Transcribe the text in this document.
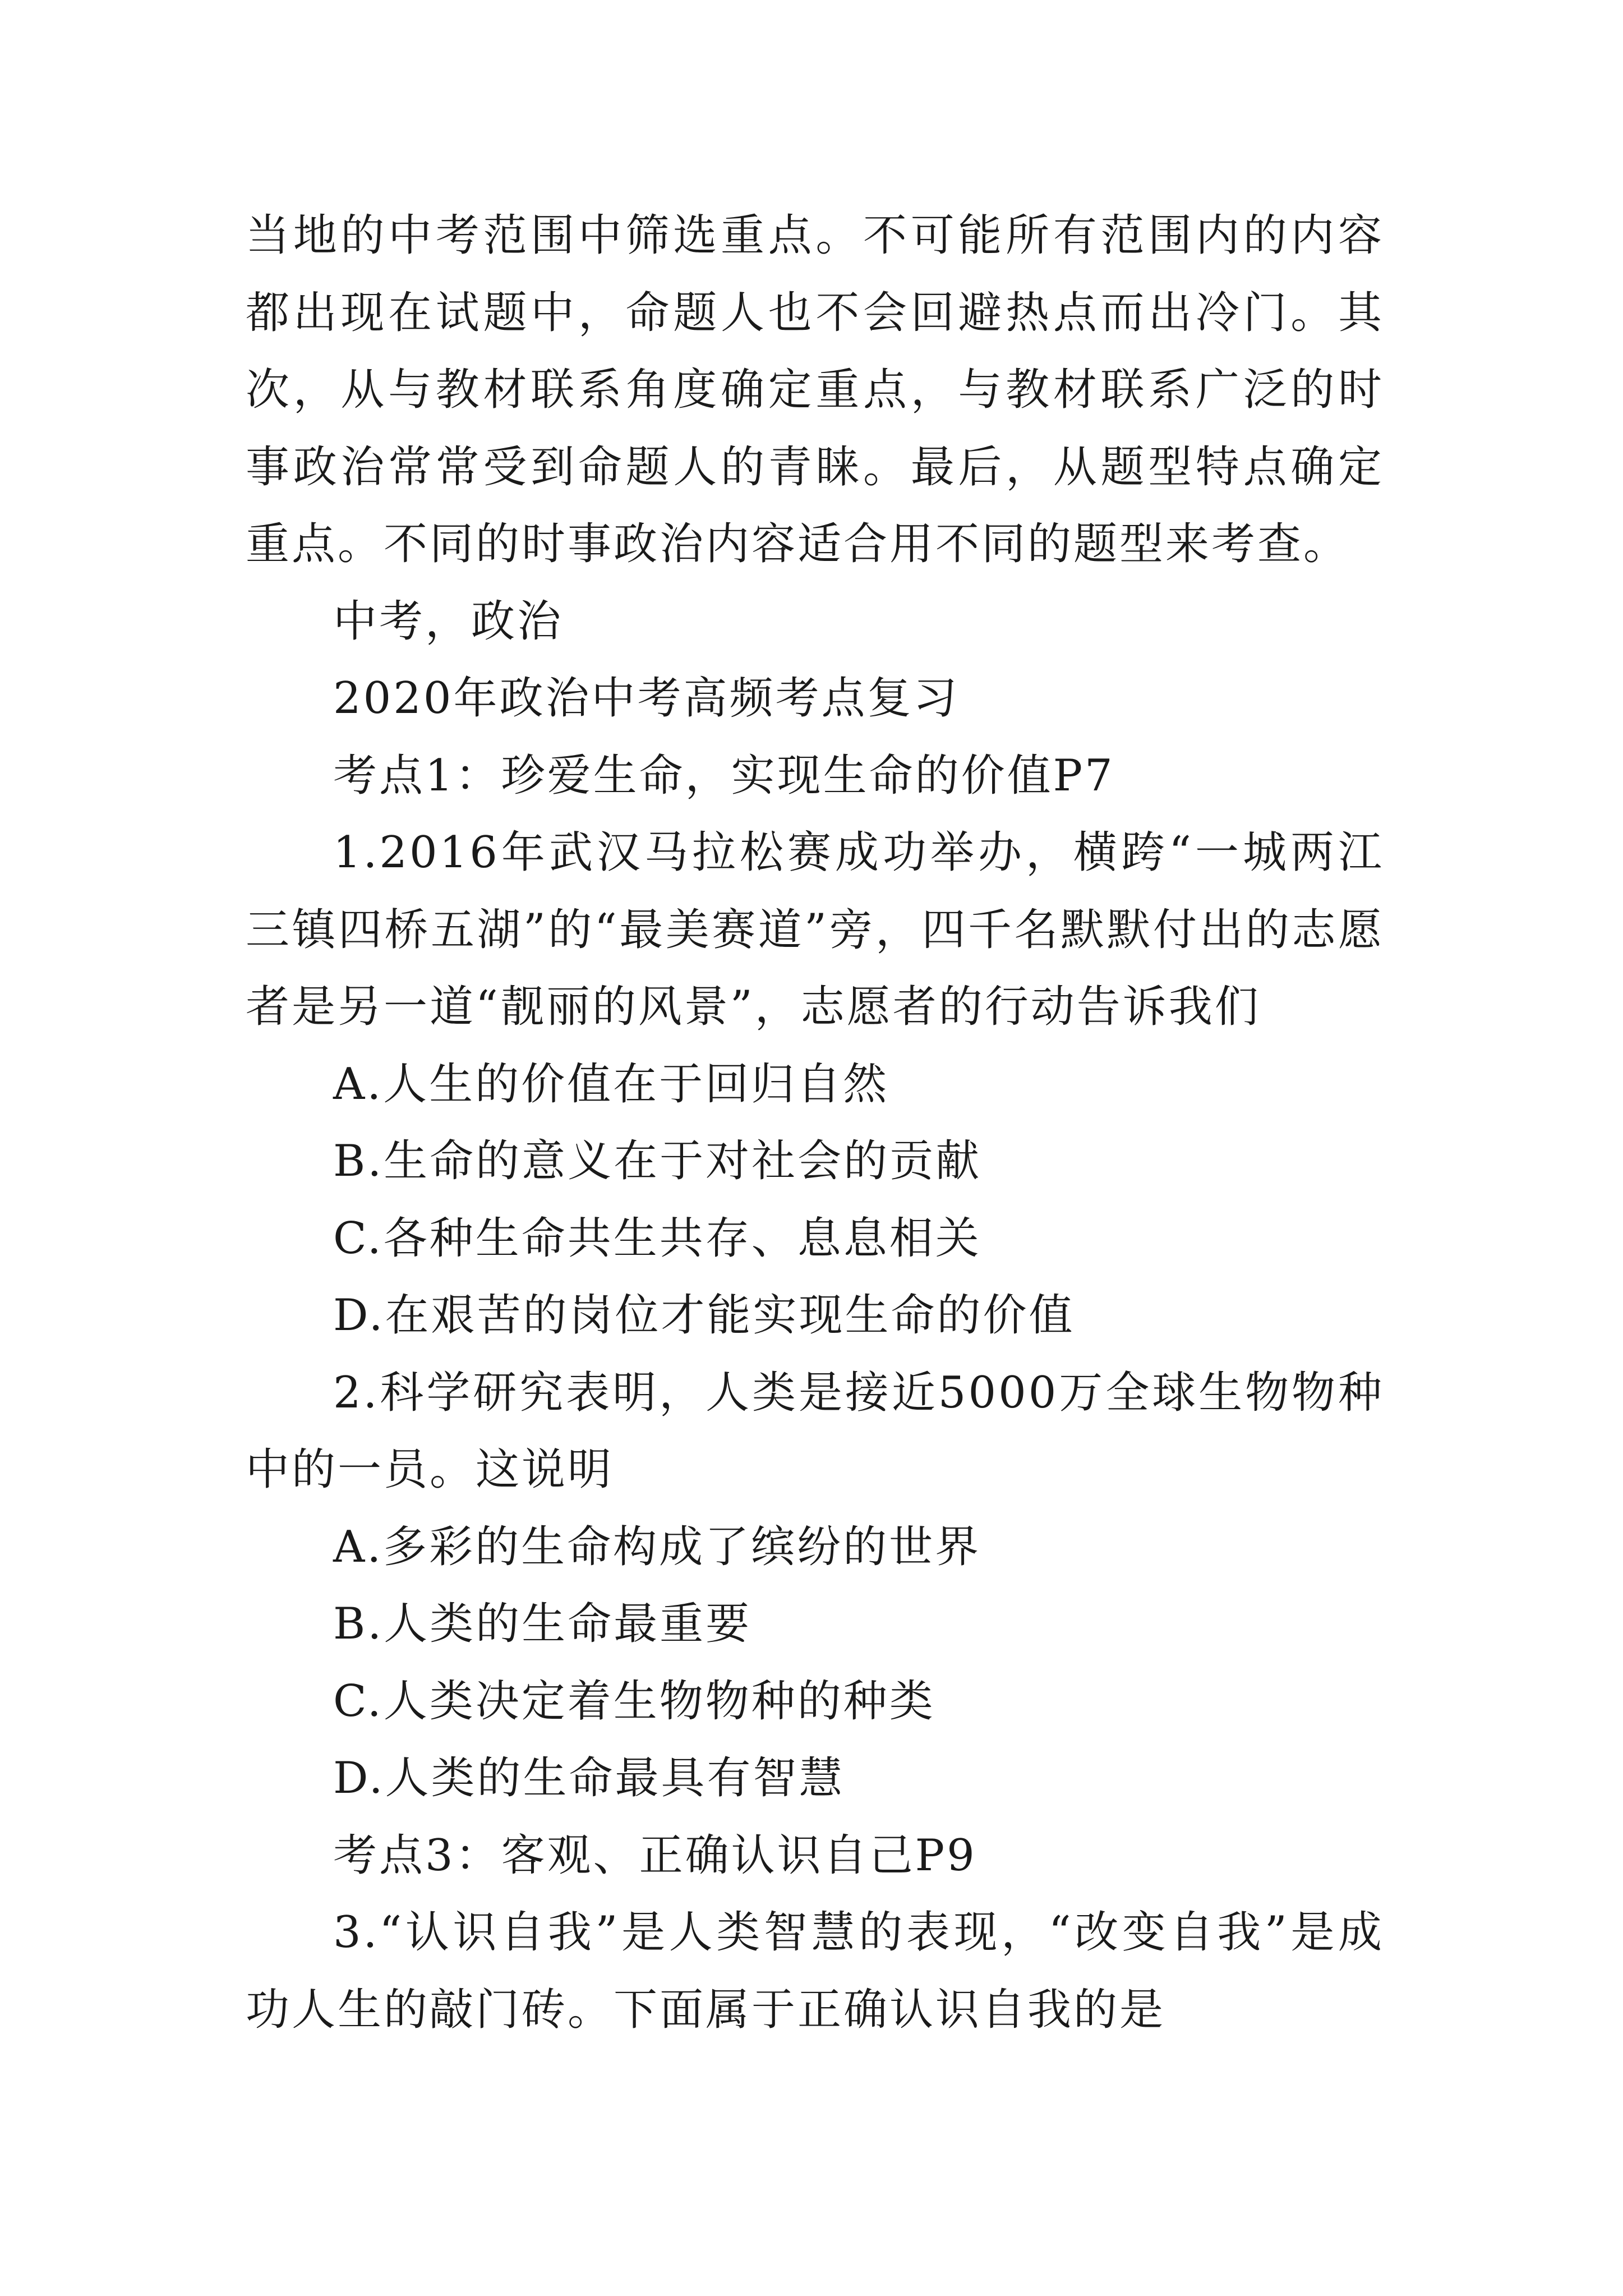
当地的中考范围中筛选重点。不可能所有范围内的内容都出现在试题中，命题人也不会回避热点而出冷门。其次，从与教材联系角度确定重点，与教材联系广泛的时事政治常常受到命题人的青睐。最后，从题型特点确定重点。不同的时事政治内容适合用不同的题型来考查。

中考，政治

2020年政治中考高频考点复习

考点1：珍爱生命，实现生命的价值P7

1.2016年武汉马拉松赛成功举办，横跨“一城两江三镇四桥五湖”的“最美赛道”旁，四千名默默付出的志愿者是另一道“靓丽的风景”，志愿者的行动告诉我们

A.人生的价值在于回归自然

B.生命的意义在于对社会的贡献

C.各种生命共生共存、息息相关

D.在艰苦的岗位才能实现生命的价值

2.科学研究表明，人类是接近5000万全球生物物种中的一员。这说明

A.多彩的生命构成了缤纷的世界

B.人类的生命最重要

C.人类决定着生物物种的种类

D.人类的生命最具有智慧

考点3：客观、正确认识自己P9

3.“认识自我”是人类智慧的表现，“改变自我”是成功人生的敲门砖。下面属于正确认识自我的是
